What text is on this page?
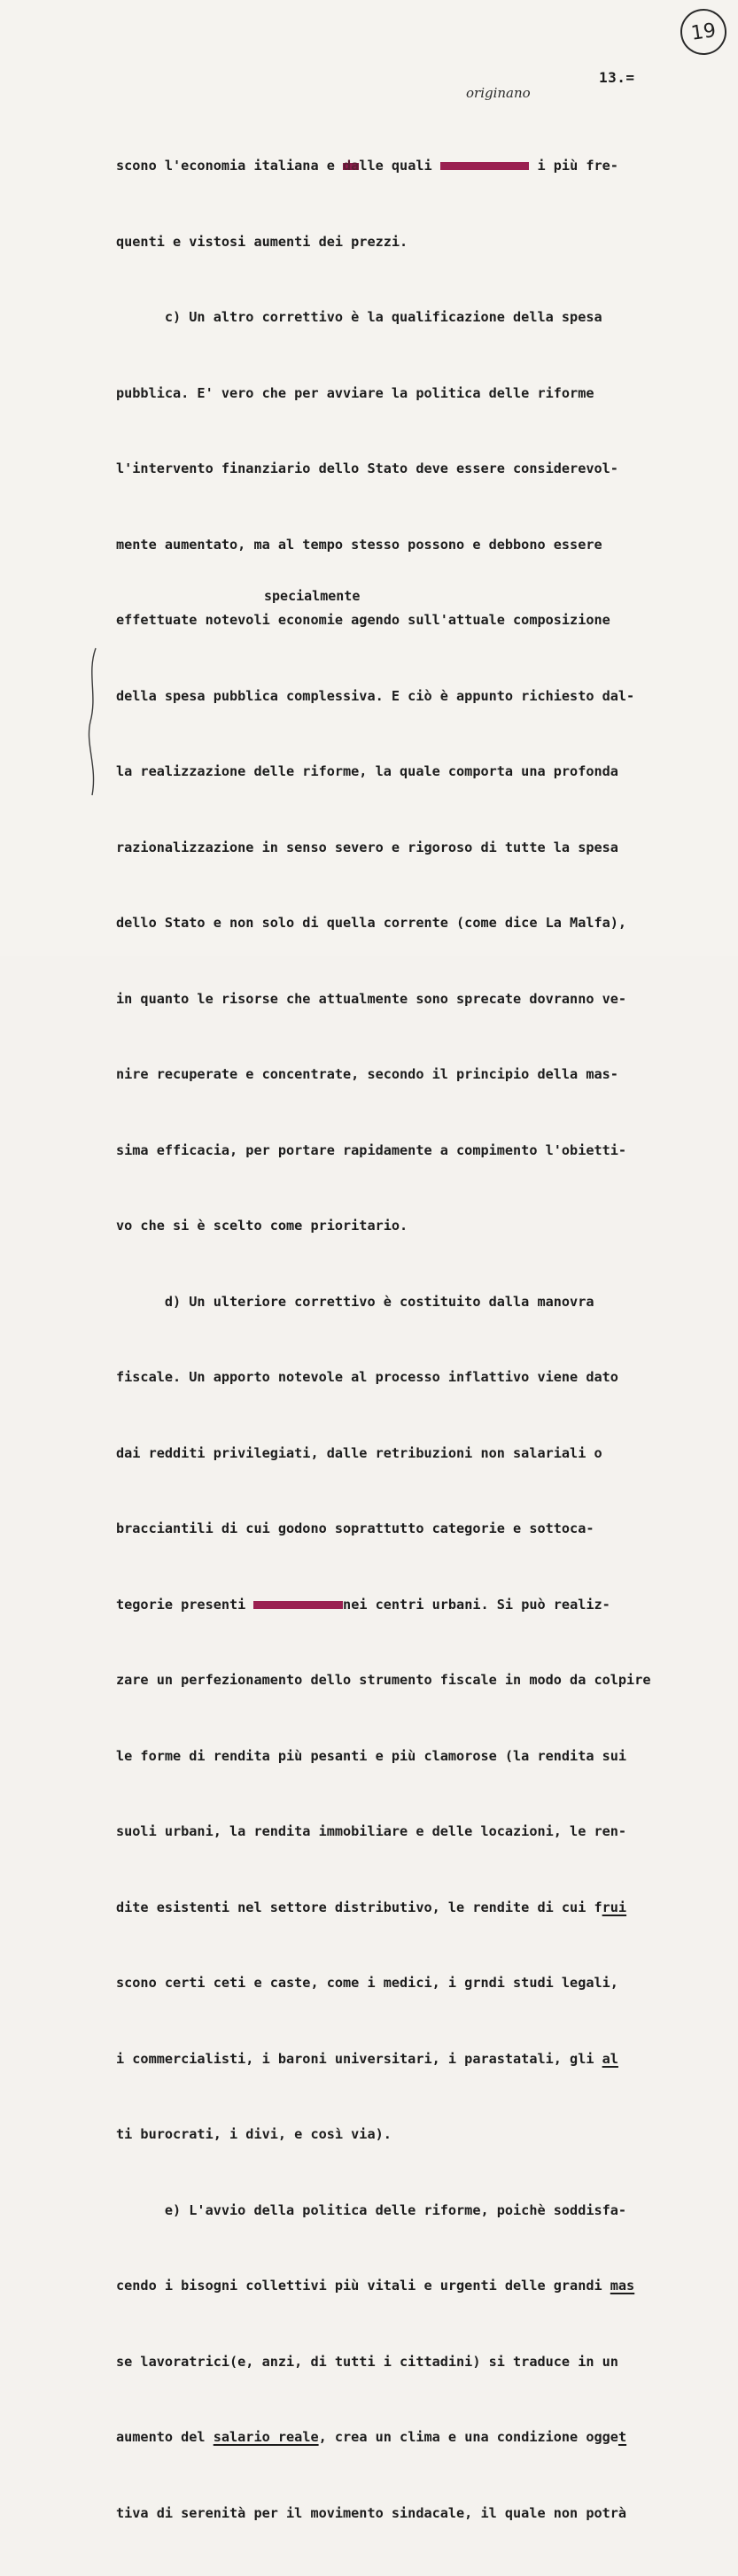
19
13.=
originano
specialmente

scono l'economia italiana e dalle quali	i più fre-

quenti e vistosi aumenti dei prezzi.

c) Un altro correttivo è la qualificazione della spesa

pubblica. E' vero che per avviare la politica delle riforme

l'intervento finanziario dello Stato deve essere considerevol-

mente aumentato, ma al tempo stesso possono e debbono essere

effettuate notevoli economie agendo sull'attuale composizione

della spesa pubblica complessiva. E ciò è appunto richiesto dal-

la realizzazione delle riforme, la quale comporta una profonda

razionalizzazione in senso severo e rigoroso di tutte la spesa

dello Stato e non solo di quella corrente (come dice La Malfa),

in quanto le risorse che attualmente sono sprecate dovranno ve-

nire recuperate e concentrate, secondo il principio della mas-

sima efficacia, per portare rapidamente a compimento l'obietti-

vo che si è scelto come prioritario.

d) Un ulteriore correttivo è costituito dalla manovra

fiscale. Un apporto notevole al processo inflattivo viene dato

dai redditi privilegiati, dalle retribuzioni non salariali o

bracciantili di cui godono soprattutto categorie e sottoca-

tegorie presenti	nei centri urbani. Si può realiz-

zare un perfezionamento dello strumento fiscale in modo da colpire

le forme di rendita più pesanti e più clamorose (la rendita sui

suoli urbani, la rendita immobiliare e delle locazioni, le ren-

dite esistenti nel settore distributivo, le rendite di cui frui

scono certi ceti e caste, come i medici, i grndi studi legali,

i commercialisti, i baroni universitari, i parastatali, gli al

ti burocrati, i divi, e così via).

e) L'avvio della politica delle riforme, poichè soddisfa-

cendo i bisogni collettivi più vitali e urgenti delle grandi mas

se lavoratrici(e, anzi, di tutti i cittadini) si traduce in un

aumento del salario reale, crea un clima e una condizione ogget

tiva di serenità per il movimento sindacale, il quale non potrà
